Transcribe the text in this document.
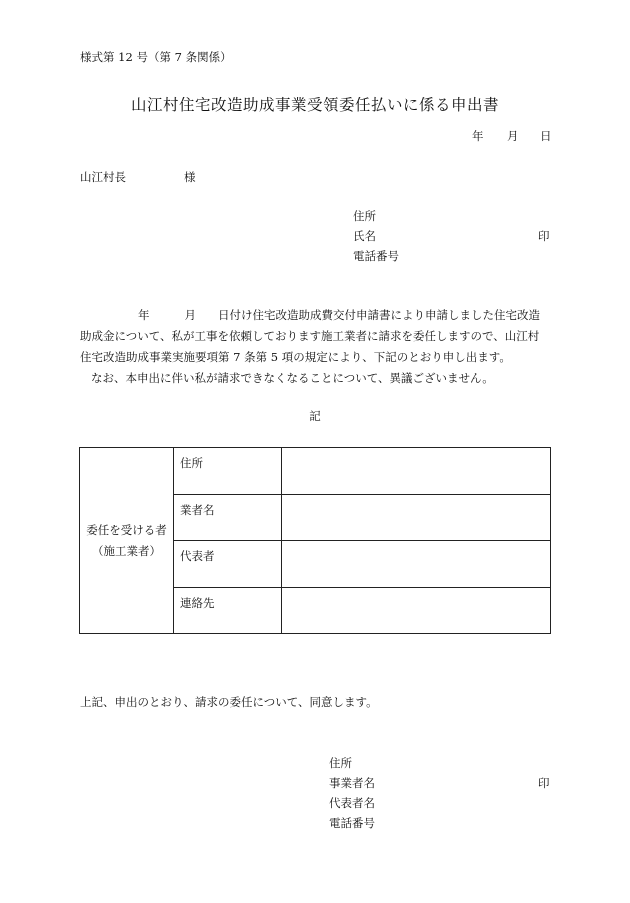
様式第 12 号（第 7 条関係）
山江村住宅改造助成事業受領委任払いに係る申出書
年 月 日
山江村長	様
住所
氏名	印
電話番号

年	月 日付け住宅改造助成費交付申請書により申請しました住宅改造

助成金について、私が工事を依頼しております施工業者に請求を委任しますので、山江村

住宅改造助成事業実施要項第 7 条第 5 項の規定により、下記のとおり申し出ます。

なお、本申出に伴い私が請求できなくなることについて、異議ございません。

記
委任を受ける者
（施工業者）	住所	
	業者名	
	代表者	
	連絡先	
上記、申出のとおり、請求の委任について、同意します。
住所
事業者名	印
代表者名
電話番号
